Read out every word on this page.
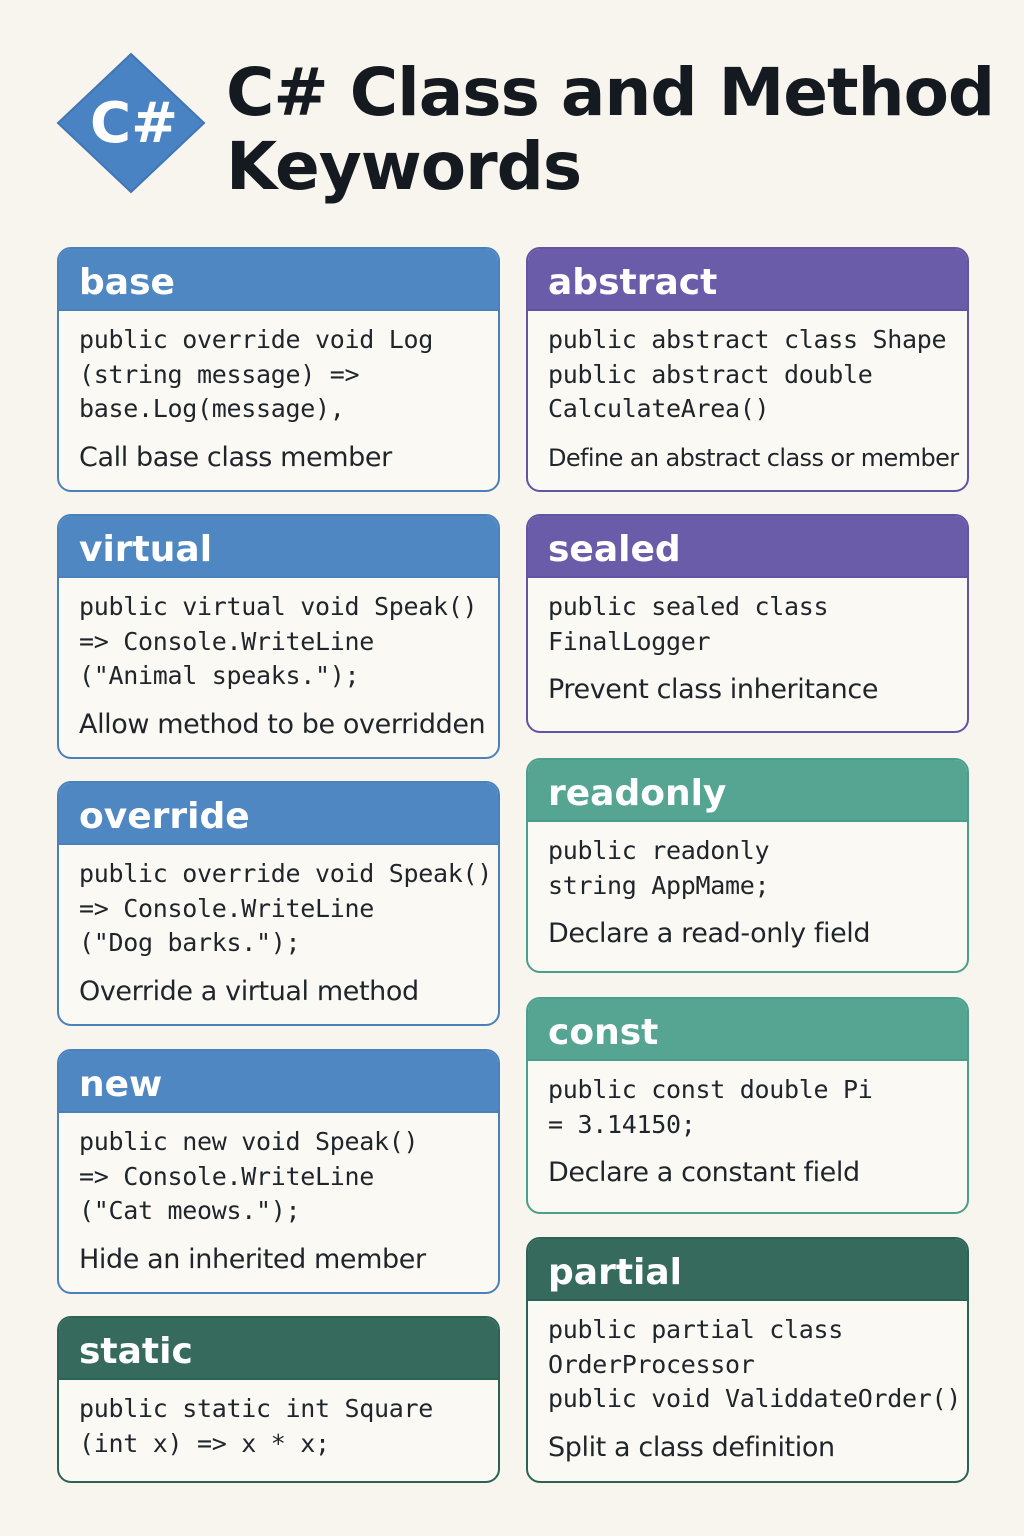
C# C# Class and Method Keywords
base
public override void Log
(string message) =>
base.Log(message),
Call base class member
virtual
public virtual void Speak()
=> Console.WriteLine
("Animal speaks.");
Allow method to be overridden
override
public override void Speak()
=> Console.WriteLine
("Dog barks.");
Override a virtual method
new
public new void Speak()
=> Console.WriteLine
("Cat meows.");
Hide an inherited member
static
public static int Square
(int x) => x * x;
abstract
public abstract class Shape
public abstract double
CalculateArea()
Define an abstract class or member
sealed
public sealed class
FinalLogger
Prevent class inheritance
readonly
public readonly
string AppMame;
Declare a read-only field
const
public const double Pi
= 3.14150;
Declare a constant field
partial
public partial class
OrderProcessor
public void ValiddateOrder()
Split a class definition
